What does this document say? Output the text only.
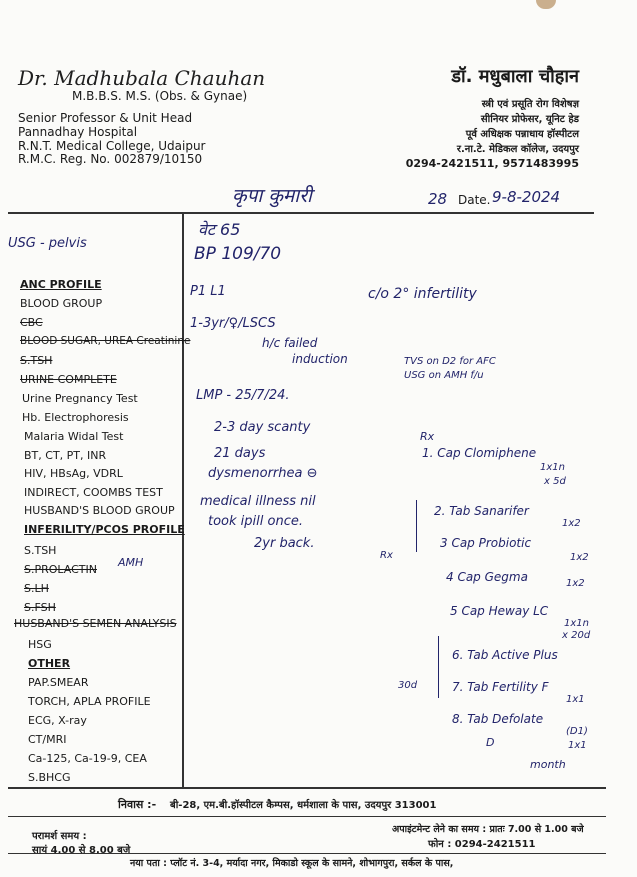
Dr. Madhubala Chauhan
M.B.B.S. M.S. (Obs. & Gynae)
Senior Professor & Unit Head
Pannadhay Hospital
R.N.T. Medical College, Udaipur
R.M.C. Reg. No. 002879/10150
डॉ. मधुबाला चौहान
स्त्री एवं प्रसूति रोग विशेषज्ञ
सीनियर प्रोफेसर, यूनिट हेड
पूर्व अधिक्षक पन्नाधाय हॉस्पीटल
र.ना.टे. मेडिकल कॉलेज, उदयपुर
0294-2421511, 9571483995
कृपा कुमारी	28 Date. 9-8-2024
USG - pelvis
ANC PROFILE
BLOOD GROUP
CBC
BLOOD SUGAR, UREA Creatinine
S.TSH
URINE COMPLETE
Urine Pregnancy Test
Hb. Electrophoresis
Malaria Widal Test
BT, CT, PT, INR
HIV, HBsAg, VDRL
INDIRECT, COOMBS TEST
HUSBAND'S BLOOD GROUP
INFERILITY/PCOS PROFILE
S.TSH
S.PROLACTIN
AMH
S.LH
S.FSH
HUSBAND'S SEMEN ANALYSIS
HSG
OTHER
PAP.SMEAR
TORCH, APLA PROFILE
ECG, X-ray
CT/MRI
Ca-125, Ca-19-9, CEA
S.BHCG
वेट 65
BP 109/70
P1 L1	c/o 2° infertility
1-3yr/♀/LSCS
h/c failed
induction	TVS on D2 for AFC
USG on AMH f/u
LMP - 25/7/24.
2-3 day scanty
21 days
dysmenorrhea ⊖
medical illness nil
took ipill once.
2yr back.
Rx
1. Cap Clomiphene
1x1n
x 5d
2. Tab Sanarifer
1x2
Rx
3 Cap Probiotic
1x2
4 Cap Gegma	1x2
5 Cap Heway LC
1x1n
x 20d
6. Tab Active Plus
30d	7. Tab Fertility F
1x1
8. Tab Defolate
(D1)
D	1x1
month
निवास :- बी-28, एम.बी.हॉस्पीटल कैम्पस, धर्मशाला के पास, उदयपुर 313001
परामर्श समय :
सायं 4.00 से 8.00 बजे
अपाइंटमेन्ट लेने का समय : प्रातः 7.00 से 1.00 बजे
फोन : 0294-2421511
नया पता : प्लॉट नं. 3-4, मर्यादा नगर, मिकाडो स्कूल के सामने, शोभागपुरा, सर्कल के पास,
